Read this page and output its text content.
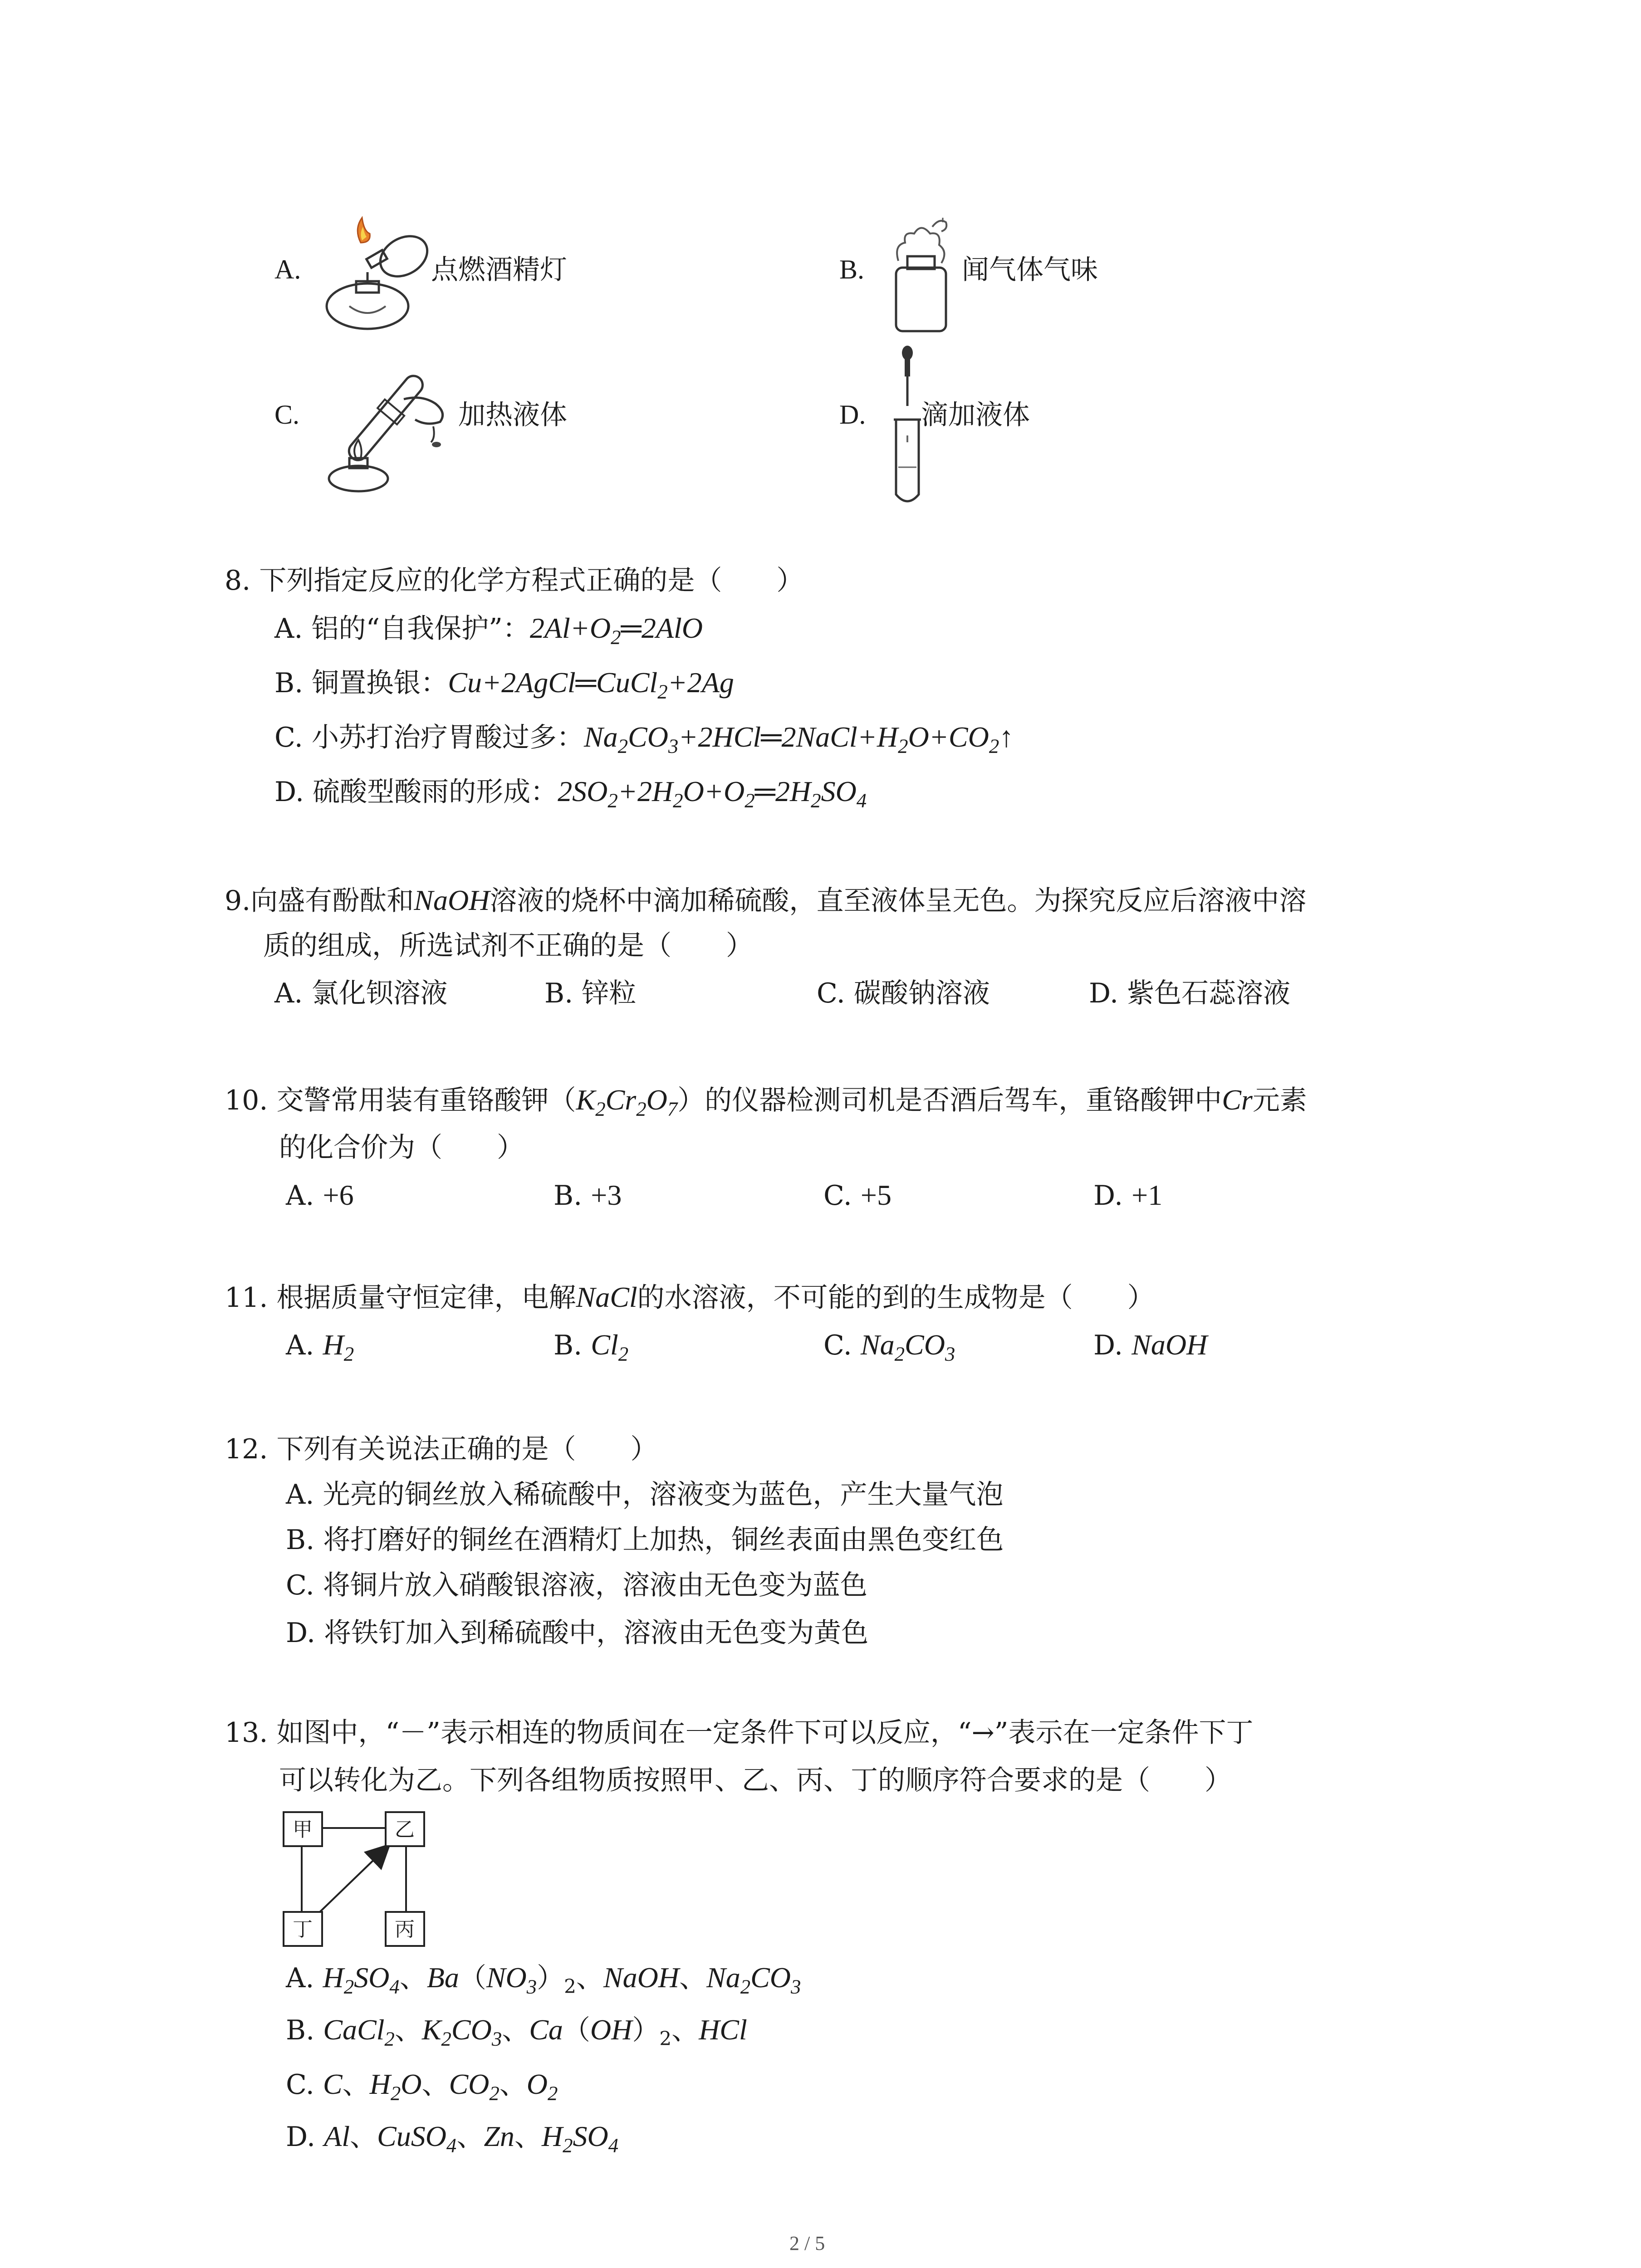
A.	点燃酒精灯	B.	闻气体气味
C.	加热液体	D. 滴加液体
8. 下列指定反应的化学方程式正确的是（　　）
A. 铝的“自我保护”：$2Al+O_2═2AlO$
B. 铜置换银：Cu+2AgCl═CuCl$_2$+2Ag
C. 小苏打治疗胃酸过多：$Na_2CO_3+2HCl═2NaCl+H_2O+CO_2↑$
D. 硫酸型酸雨的形成：$2SO_2+2H_2O+O_2═2H_2SO_4$
9.向盛有酚酞和NaOH溶液的烧杯中滴加稀硫酸，直至液体呈无色。为探究反应后溶液中溶
质的组成，所选试剂不正确的是（　　）
A. 氯化钡溶液	B. 锌粒	C. 碳酸钠溶液	D. 紫色石蕊溶液
10. 交警常用装有重铬酸钾$(K_2Cr_2O_7)$的仪器检测司机是否酒后驾车，重铬酸钾中Cr元素
的化合价为（　　）
A. +6	B. +3	C. +5	D. +1
11. 根据质量守恒定律，电解NaCl的水溶液，不可能的到的生成物是（　　）
A. $H_2$	B. $Cl_2$	C. $Na_2CO_3$	D. NaOH
12. 下列有关说法正确的是（　　）
A. 光亮的铜丝放入稀硫酸中，溶液变为蓝色，产生大量气泡
B. 将打磨好的铜丝在酒精灯上加热，铜丝表面由黑色变红色
C. 将铜片放入硝酸银溶液，溶液由无色变为蓝色
D. 将铁钉加入到稀硫酸中，溶液由无色变为黄色
13. 如图中，“－”表示相连的物质间在一定条件下可以反应，“→”表示在一定条件下丁
可以转化为乙。下列各组物质按照甲、乙、丙、丁的顺序符合要求的是（　　）
甲	乙
丁	丙
A. $H_2SO_4$、$Ba(NO_3)_2$、NaOH、$Na_2CO_3$
B. CaCl$_2$、$K_2CO_3$、$Ca(OH)_2$、HCl
C. C、$H_2O$、$CO_2$、$O_2$
D. Al、CuSO$_4$、Zn、$H_2SO_4$
2 / 5
